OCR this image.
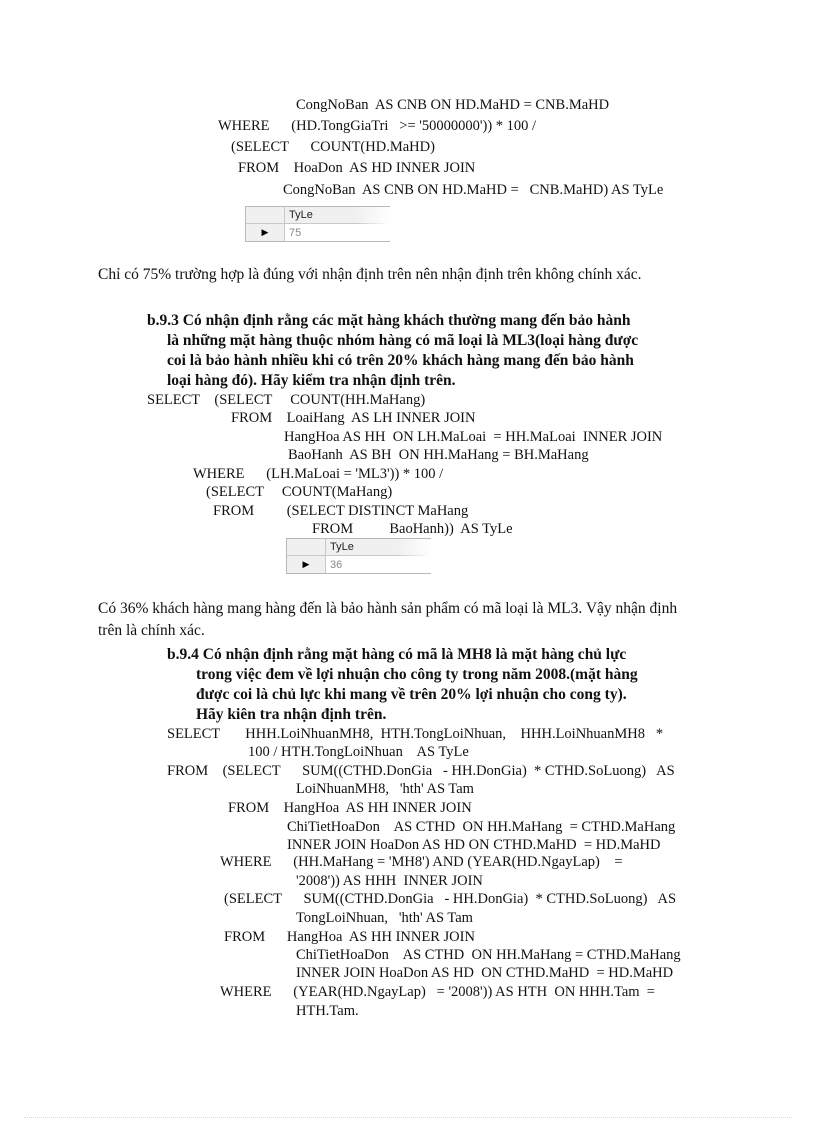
CongNoBan  AS CNB ON HD.MaHD = CNB.MaHD
WHERE      (HD.TongGiaTri   >= '50000000')) * 100 /
(SELECT      COUNT(HD.MaHD)
FROM    HoaDon  AS HD INNER JOIN
CongNoBan  AS CNB ON HD.MaHD =   CNB.MaHD) AS TyLe
TyLe
▶	75
Chỉ có 75% trường hợp là đúng với nhận định trên nên nhận định trên không chính xác.
b.9.3 Có nhận định rằng các mặt hàng khách thường mang đến bảo hành
là những mặt hàng thuộc nhóm hàng có mã loại là ML3(loại hàng được
coi là bảo hành nhiều khi có trên 20% khách hàng mang đến bảo hành
loại hàng đó). Hãy kiểm tra nhận định trên.
SELECT    (SELECT     COUNT(HH.MaHang)
FROM    LoaiHang  AS LH INNER JOIN
HangHoa AS HH  ON LH.MaLoai  = HH.MaLoai  INNER JOIN
BaoHanh  AS BH  ON HH.MaHang = BH.MaHang
WHERE      (LH.MaLoai = 'ML3')) * 100 /
(SELECT     COUNT(MaHang)
FROM         (SELECT DISTINCT MaHang
FROM          BaoHanh))  AS TyLe
TyLe
▶	36
Có 36% khách hàng mang hàng đến là bảo hành sản phẩm có mã loại là ML3. Vậy nhận định trên là chính xác.
b.9.4 Có nhận định rằng mặt hàng có mã là MH8 là mặt hàng chủ lực
trong việc đem về lợi nhuận cho công ty trong năm 2008.(mặt hàng
được coi là chủ lực khi mang về trên 20% lợi nhuận cho cong ty).
Hãy kiên tra nhận định trên.
SELECT       HHH.LoiNhuanMH8,  HTH.TongLoiNhuan,    HHH.LoiNhuanMH8   *
100 / HTH.TongLoiNhuan    AS TyLe
FROM    (SELECT      SUM((CTHD.DonGia   - HH.DonGia)  * CTHD.SoLuong)   AS
LoiNhuanMH8,   'hth' AS Tam
FROM    HangHoa  AS HH INNER JOIN
ChiTietHoaDon    AS CTHD  ON HH.MaHang  = CTHD.MaHang
INNER JOIN HoaDon AS HD ON CTHD.MaHD  = HD.MaHD
WHERE      (HH.MaHang = 'MH8') AND (YEAR(HD.NgayLap)    =
'2008')) AS HHH  INNER JOIN
(SELECT      SUM((CTHD.DonGia   - HH.DonGia)  * CTHD.SoLuong)   AS
TongLoiNhuan,   'hth' AS Tam
FROM      HangHoa  AS HH INNER JOIN
ChiTietHoaDon    AS CTHD  ON HH.MaHang = CTHD.MaHang
INNER JOIN HoaDon AS HD  ON CTHD.MaHD  = HD.MaHD
WHERE      (YEAR(HD.NgayLap)   = '2008')) AS HTH  ON HHH.Tam  =
HTH.Tam.
